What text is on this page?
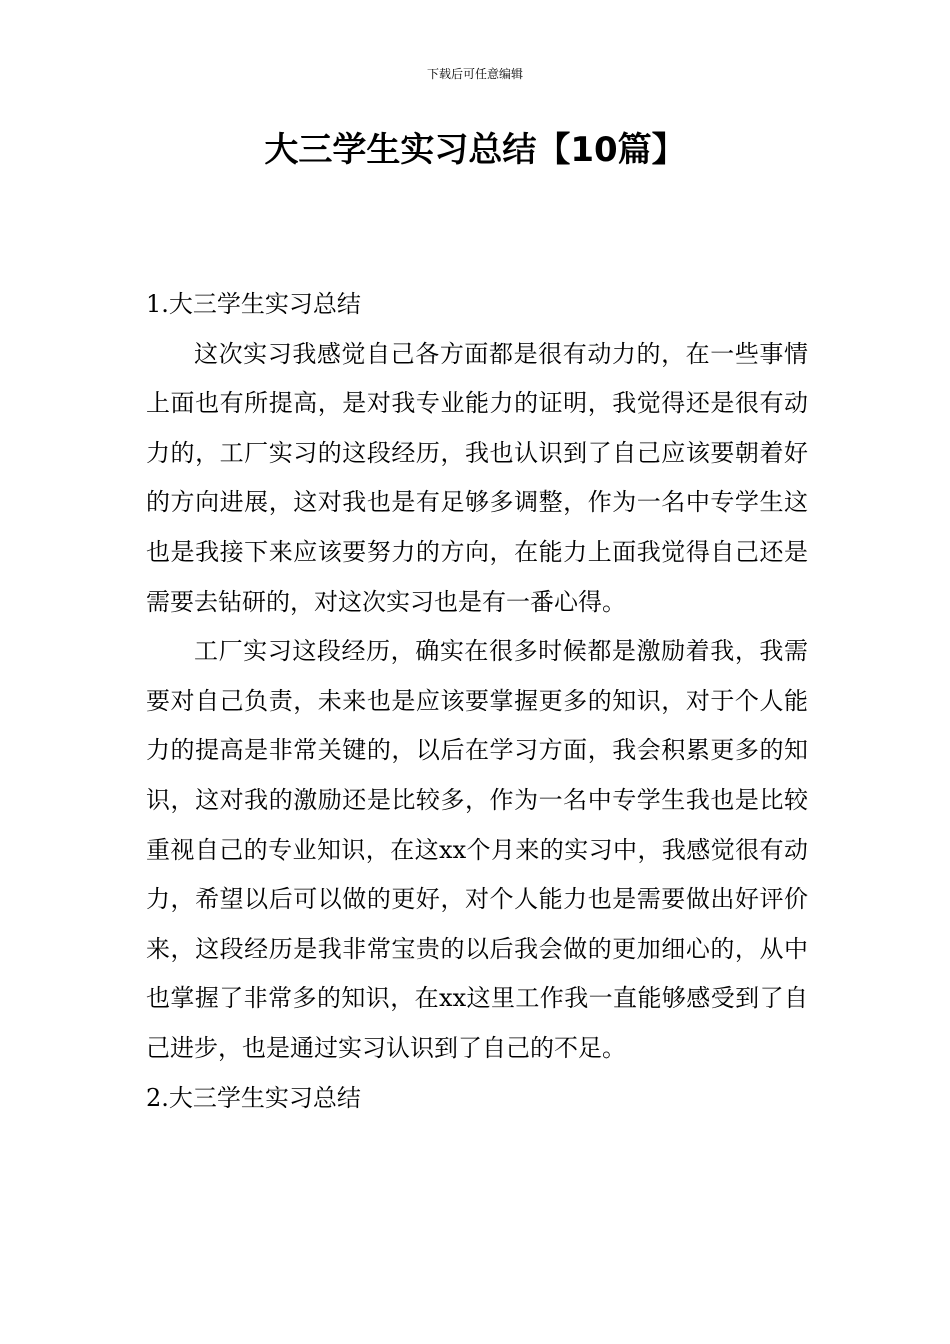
下载后可任意编辑
大三学生实习总结【10篇】
1.大三学生实习总结

这次实习我感觉自己各方面都是很有动力的，在一些事情上面也有所提高，是对我专业能力的证明，我觉得还是很有动力的，工厂实习的这段经历，我也认识到了自己应该要朝着好的方向进展，这对我也是有足够多调整，作为一名中专学生这也是我接下来应该要努力的方向，在能力上面我觉得自己还是需要去钻研的，对这次实习也是有一番心得。

工厂实习这段经历，确实在很多时候都是激励着我，我需要对自己负责，未来也是应该要掌握更多的知识，对于个人能力的提高是非常关键的，以后在学习方面，我会积累更多的知识，这对我的激励还是比较多，作为一名中专学生我也是比较重视自己的专业知识，在这xx个月来的实习中，我感觉很有动力，希望以后可以做的更好，对个人能力也是需要做出好评价来，这段经历是我非常宝贵的以后我会做的更加细心的，从中也掌握了非常多的知识，在xx这里工作我一直能够感受到了自己进步，也是通过实习认识到了自己的不足。

2.大三学生实习总结
